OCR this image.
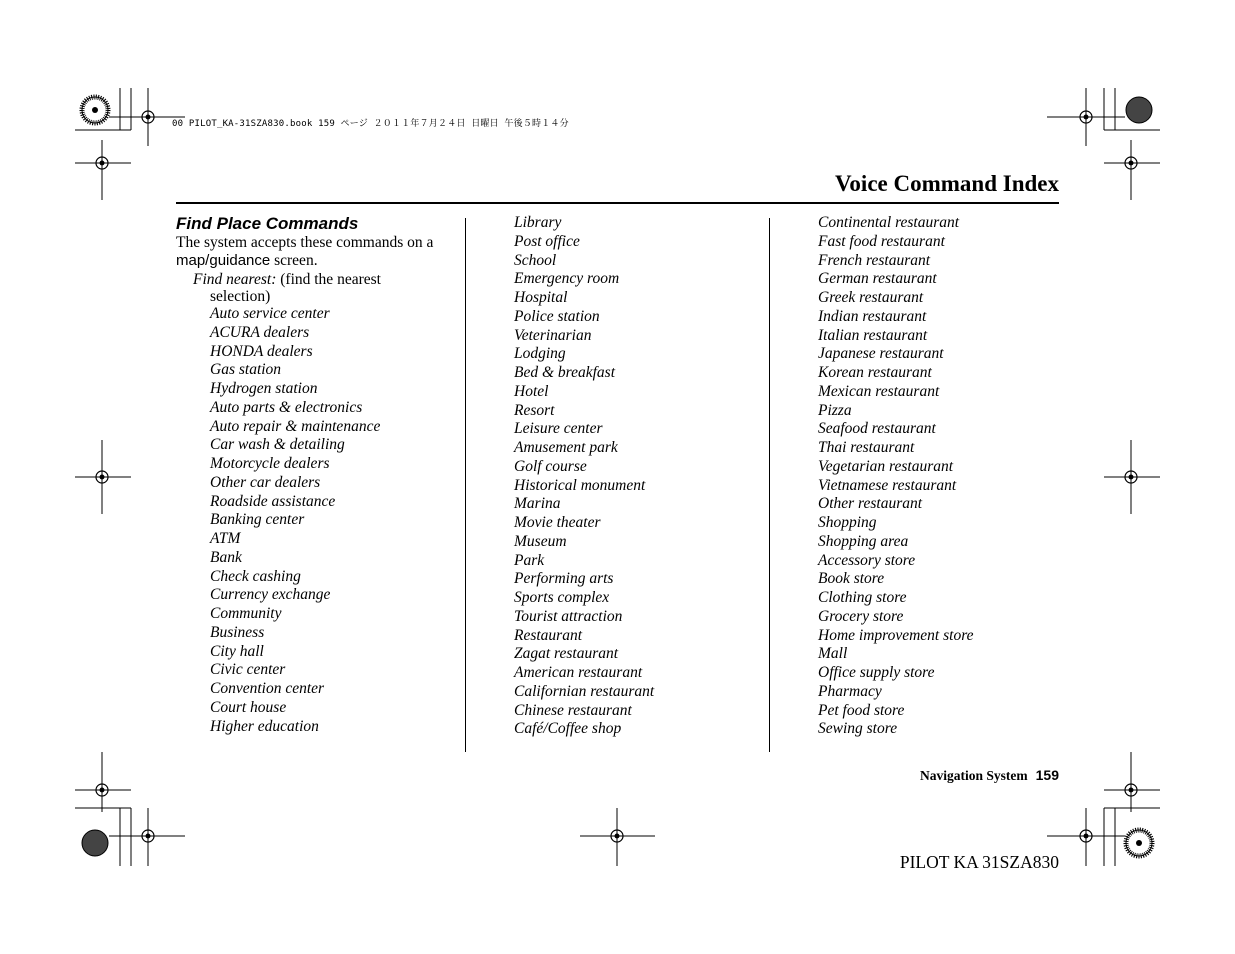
00 PILOT_KA-31SZA830.book 159 ページ ２０１１年７月２４日 日曜日 午後５時１４分
Voice Command Index
Find Place Commands
The system accepts these commands on a map/guidance screen.
Find nearest: (find the nearest
selection)
Auto service center
ACURA dealers
HONDA dealers
Gas station
Hydrogen station
Auto parts & electronics
Auto repair & maintenance
Car wash & detailing
Motorcycle dealers
Other car dealers
Roadside assistance
Banking center
ATM
Bank
Check cashing
Currency exchange
Community
Business
City hall
Civic center
Convention center
Court house
Higher education
Library
Post office
School
Emergency room
Hospital
Police station
Veterinarian
Lodging
Bed & breakfast
Hotel
Resort
Leisure center
Amusement park
Golf course
Historical monument
Marina
Movie theater
Museum
Park
Performing arts
Sports complex
Tourist attraction
Restaurant
Zagat restaurant
American restaurant
Californian restaurant
Chinese restaurant
Café/Coffee shop
Continental restaurant
Fast food restaurant
French restaurant
German restaurant
Greek restaurant
Indian restaurant
Italian restaurant
Japanese restaurant
Korean restaurant
Mexican restaurant
Pizza
Seafood restaurant
Thai restaurant
Vegetarian restaurant
Vietnamese restaurant
Other restaurant
Shopping
Shopping area
Accessory store
Book store
Clothing store
Grocery store
Home improvement store
Mall
Office supply store
Pharmacy
Pet food store
Sewing store
Navigation System 159
PILOT KA 31SZA830
